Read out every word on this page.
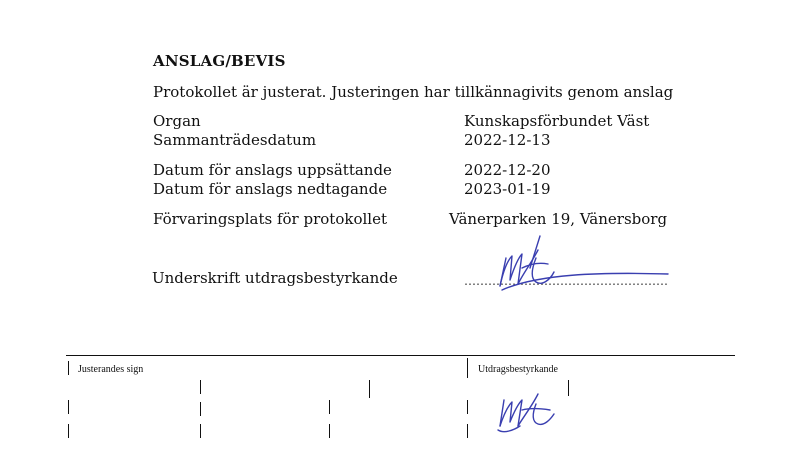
ANSLAG/BEVIS
Protokollet är justerat. Justeringen har tillkännagivits genom anslag
Organ	Kunskapsförbundet Väst
Sammanträdesdatum	2022-12-13
Datum för anslags uppsättande	2022-12-20
Datum för anslags nedtagande	2023-01-19
Förvaringsplats för protokollet	Vänerparken 19, Vänersborg
Underskrift utdragsbestyrkande	……………………………………………
Justerandes sign	Utdragsbestyrkande
